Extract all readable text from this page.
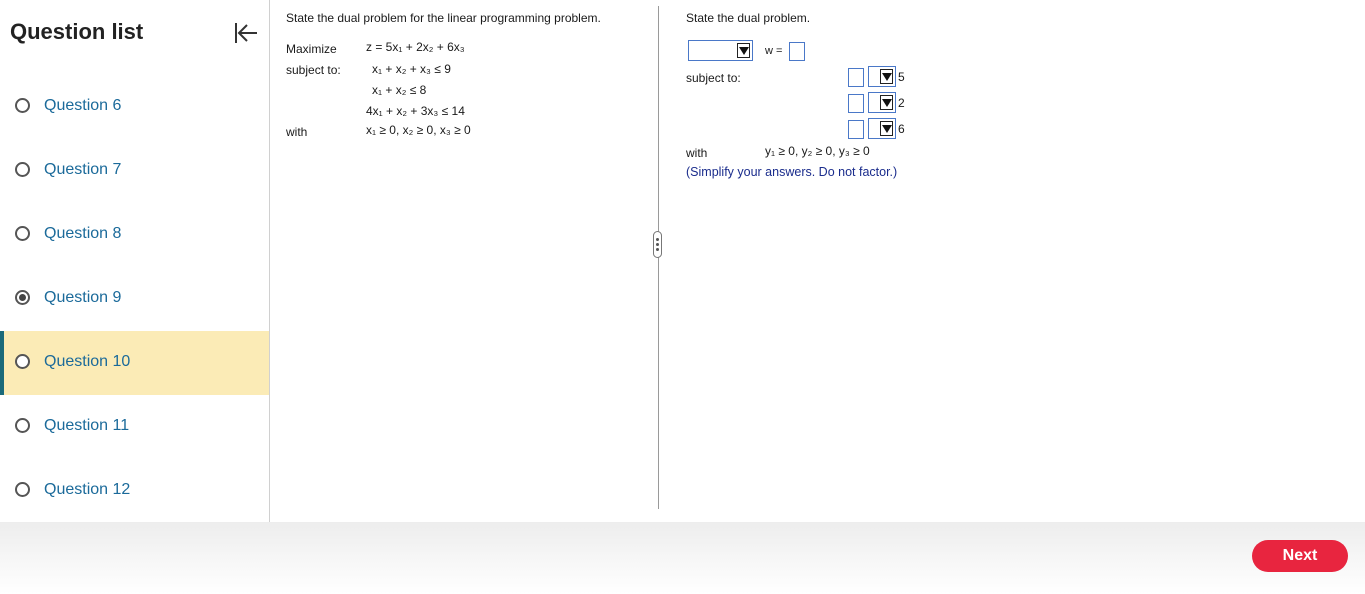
Question list
Question 6
Question 7
Question 8
Question 9
Question 10
Question 11
Question 12
State the dual problem for the linear programming problem.
Maximize z = 5x₁ + 2x₂ + 6x₃
subject to:	x₁ + x₂ + x₃ ≤ 9
x₁ + x₂ ≤ 8
4x₁ + x₂ + 3x₃ ≤ 14
with	x₁ ≥ 0, x₂ ≥ 0, x₃ ≥ 0
State the dual problem.
w =
subject to:	5
2
6
with	y₁ ≥ 0, y₂ ≥ 0, y₃ ≥ 0
(Simplify your answers. Do not factor.)
Next
